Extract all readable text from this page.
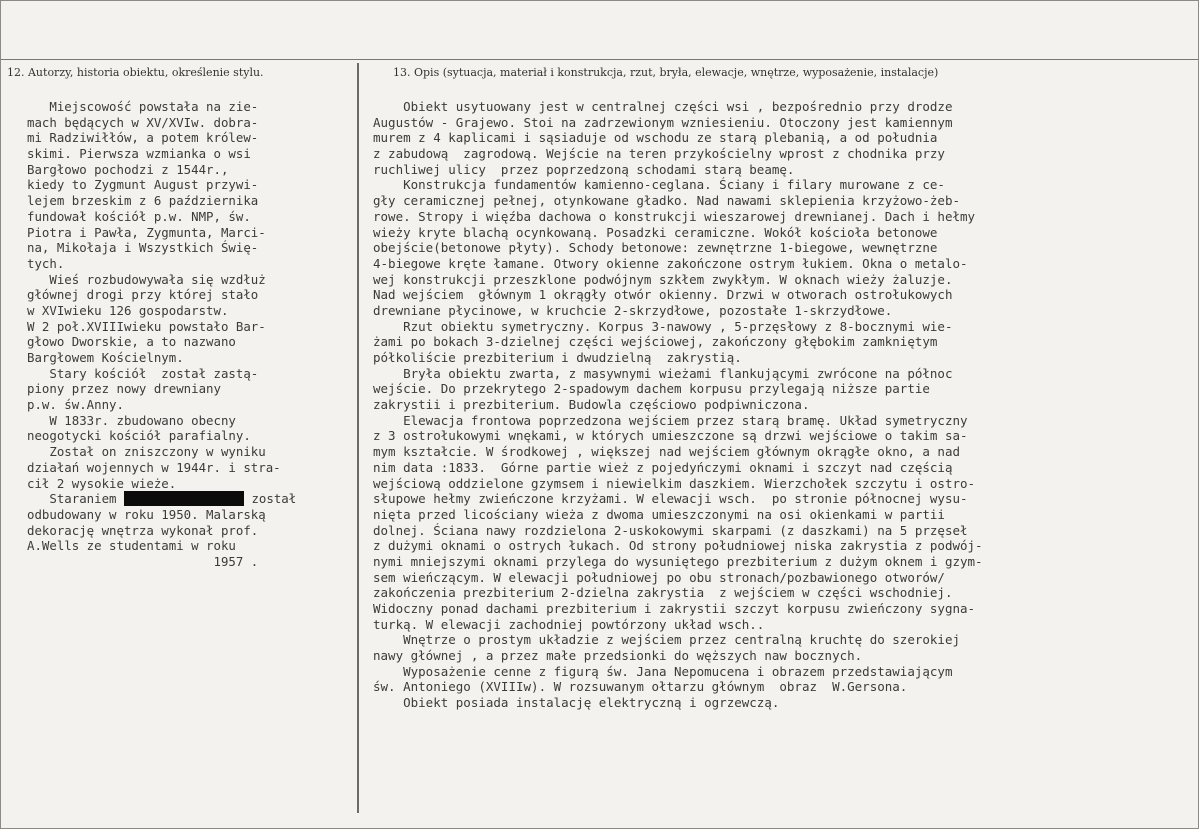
12. Autorzy, historia obiektu, określenie stylu.	13. Opis (sytuacja, materiał i konstrukcja, rzut, bryła, elewacje, wnętrze, wyposażenie, instalacje)
Miejscowość powstała na zie-
mach będących w XV/XVIw. dobra-
mi Radziwiłłów, a potem królew-
skimi. Pierwsza wzmianka o wsi
Bargłowo pochodzi z 1544r.,
kiedy to Zygmunt August przywi-
lejem brzeskim z 6 października
fundował kościół p.w. NMP, św.
Piotra i Pawła, Zygmunta, Marci-
na, Mikołaja i Wszystkich Świę-
tych.
Wieś rozbudowywała się wzdłuż
głównej drogi przy której stało
w XVIwieku 126 gospodarstw.
W 2 poł.XVIIIwieku powstało Bar-
głowo Dworskie, a to nazwano
Bargłowem Kościelnym.
Stary kościół  został zastą-
piony przez nowy drewniany
p.w. św.Anny.
W 1833r. zbudowano obecny
neogotycki kościół parafialny.
Został on zniszczony w wyniku
działań wojennych w 1944r. i stra-
cił 2 wysokie wieże.
Staraniem	został
odbudowany w roku 1950. Malarską
dekorację wnętrza wykonał prof.
A.Wells ze studentami w roku
1957 .
Obiekt usytuowany jest w centralnej części wsi , bezpośrednio przy drodze
Augustów - Grajewo. Stoi na zadrzewionym wzniesieniu. Otoczony jest kamiennym
murem z 4 kaplicami i sąsiaduje od wschodu ze starą plebanią, a od południa
z zabudową  zagrodową. Wejście na teren przykościelny wprost z chodnika przy
ruchliwej ulicy  przez poprzedzoną schodami starą beamę.
Konstrukcja fundamentów kamienno-ceglana. Ściany i filary murowane z ce-
gły ceramicznej pełnej, otynkowane gładko. Nad nawami sklepienia krzyżowo-żeb-
rowe. Stropy i więźba dachowa o konstrukcji wieszarowej drewnianej. Dach i hełmy
wieży kryte blachą ocynkowaną. Posadzki ceramiczne. Wokół kościoła betonowe
obejście(betonowe płyty). Schody betonowe: zewnętrzne 1-biegowe, wewnętrzne
4-biegowe kręte łamane. Otwory okienne zakończone ostrym łukiem. Okna o metalo-
wej konstrukcji przeszklone podwójnym szkłem zwykłym. W oknach wieży żaluzje.
Nad wejściem  głównym 1 okrągły otwór okienny. Drzwi w otworach ostrołukowych
drewniane płycinowe, w kruchcie 2-skrzydłowe, pozostałe 1-skrzydłowe.
Rzut obiektu symetryczny. Korpus 3-nawowy , 5-przęsłowy z 8-bocznymi wie-
żami po bokach 3-dzielnej części wejściowej, zakończony głębokim zamkniętym
półkoliście prezbiterium i dwudzielną  zakrystią.
Bryła obiektu zwarta, z masywnymi wieżami flankującymi zwrócone na północ
wejście. Do przekrytego 2-spadowym dachem korpusu przylegają niższe partie
zakrystii i prezbiterium. Budowla częściowo podpiwniczona.
Elewacja frontowa poprzedzona wejściem przez starą bramę. Układ symetryczny
z 3 ostrołukowymi wnękami, w których umieszczone są drzwi wejściowe o takim sa-
mym kształcie. W środkowej , większej nad wejściem głównym okrągłe okno, a nad
nim data :1833.  Górne partie wież z pojedyńczymi oknami i szczyt nad częścią
wejściową oddzielone gzymsem i niewielkim daszkiem. Wierzchołek szczytu i ostro-
słupowe hełmy zwieńczone krzyżami. W elewacji wsch.  po stronie północnej wysu-
nięta przed licościany wieża z dwoma umieszczonymi na osi okienkami w partii
dolnej. Ściana nawy rozdzielona 2-uskokowymi skarpami (z daszkami) na 5 przęseł
z dużymi oknami o ostrych łukach. Od strony południowej niska zakrystia z podwój-
nymi mniejszymi oknami przylega do wysuniętego prezbiterium z dużym oknem i gzym-
sem wieńczącym. W elewacji południowej po obu stronach/pozbawionego otworów/
zakończenia prezbiterium 2-dzielna zakrystia  z wejściem w części wschodniej.
Widoczny ponad dachami prezbiterium i zakrystii szczyt korpusu zwieńczony sygna-
turką. W elewacji zachodniej powtórzony układ wsch..
Wnętrze o prostym układzie z wejściem przez centralną kruchtę do szerokiej
nawy głównej , a przez małe przedsionki do węższych naw bocznych.
Wyposażenie cenne z figurą św. Jana Nepomucena i obrazem przedstawiającym
św. Antoniego (XVIIIw). W rozsuwanym ołtarzu głównym  obraz  W.Gersona.
Obiekt posiada instalację elektryczną i ogrzewczą.
